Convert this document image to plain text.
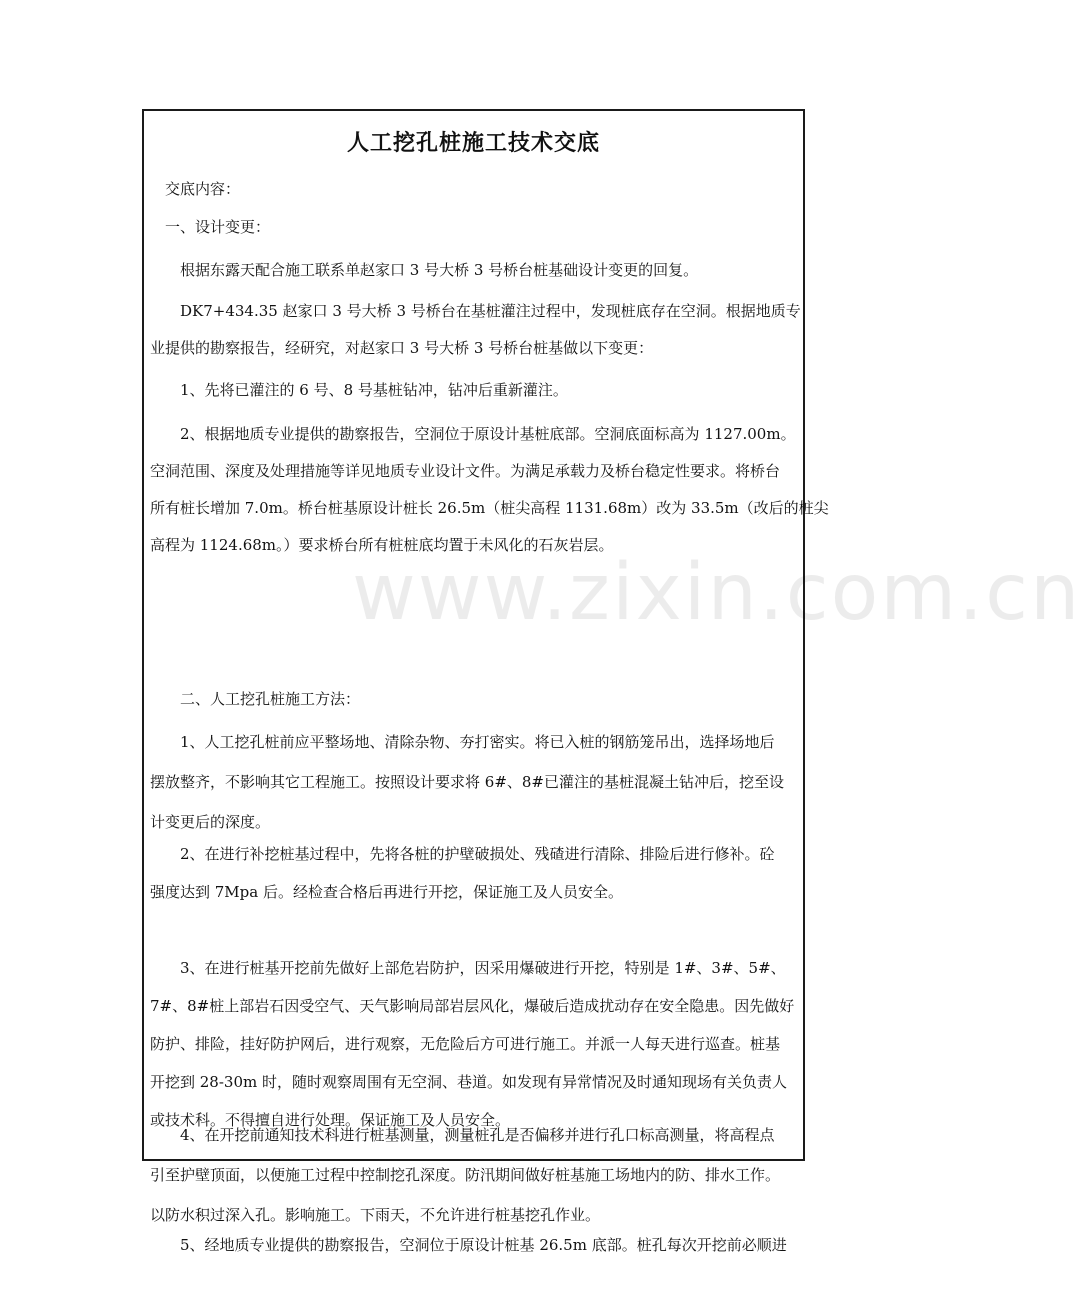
人工挖孔桩施工技术交底
交底内容：
一、设计变更：
根据东露天配合施工联系单赵家口 3 号大桥 3 号桥台桩基础设计变更的回复。
DK7+434.35 赵家口 3 号大桥 3 号桥台在基桩灌注过程中，发现桩底存在空洞。根据地质专
业提供的勘察报告，经研究，对赵家口 3 号大桥 3 号桥台桩基做以下变更：
1、先将已灌注的 6 号、8 号基桩钻冲，钻冲后重新灌注。
2、根据地质专业提供的勘察报告，空洞位于原设计基桩底部。空洞底面标高为 1127.00m。
空洞范围、深度及处理措施等详见地质专业设计文件。为满足承载力及桥台稳定性要求。将桥台
所有桩长增加 7.0m。桥台桩基原设计桩长 26.5m（桩尖高程 1131.68m）改为 33.5m（改后的桩尖
高程为 1124.68m。）要求桥台所有桩桩底均置于未风化的石灰岩层。
二、人工挖孔桩施工方法：
1、人工挖孔桩前应平整场地、清除杂物、夯打密实。将已入桩的钢筋笼吊出，选择场地后
摆放整齐，不影响其它工程施工。按照设计要求将 6#、8#已灌注的基桩混凝土钻冲后，挖至设
计变更后的深度。
2、在进行补挖桩基过程中，先将各桩的护壁破损处、残碴进行清除、排险后进行修补。砼
强度达到 7Mpa 后。经检查合格后再进行开挖，保证施工及人员安全。
3、在进行桩基开挖前先做好上部危岩防护，因采用爆破进行开挖，特别是 1#、3#、5#、
7#、8#桩上部岩石因受空气、天气影响局部岩层风化，爆破后造成扰动存在安全隐患。因先做好
防护、排险，挂好防护网后，进行观察，无危险后方可进行施工。并派一人每天进行巡查。桩基
开挖到 28-30m 时，随时观察周围有无空洞、巷道。如发现有异常情况及时通知现场有关负责人
或技术科。不得擅自进行处理。保证施工及人员安全。
4、在开挖前通知技术科进行桩基测量，测量桩孔是否偏移并进行孔口标高测量，将高程点
引至护壁顶面，以便施工过程中控制挖孔深度。防汛期间做好桩基施工场地内的防、排水工作。
以防水积过深入孔。影响施工。下雨天，不允许进行桩基挖孔作业。
5、经地质专业提供的勘察报告，空洞位于原设计桩基 26.5m 底部。桩孔每次开挖前必顺进
www.zixin.com.cn
